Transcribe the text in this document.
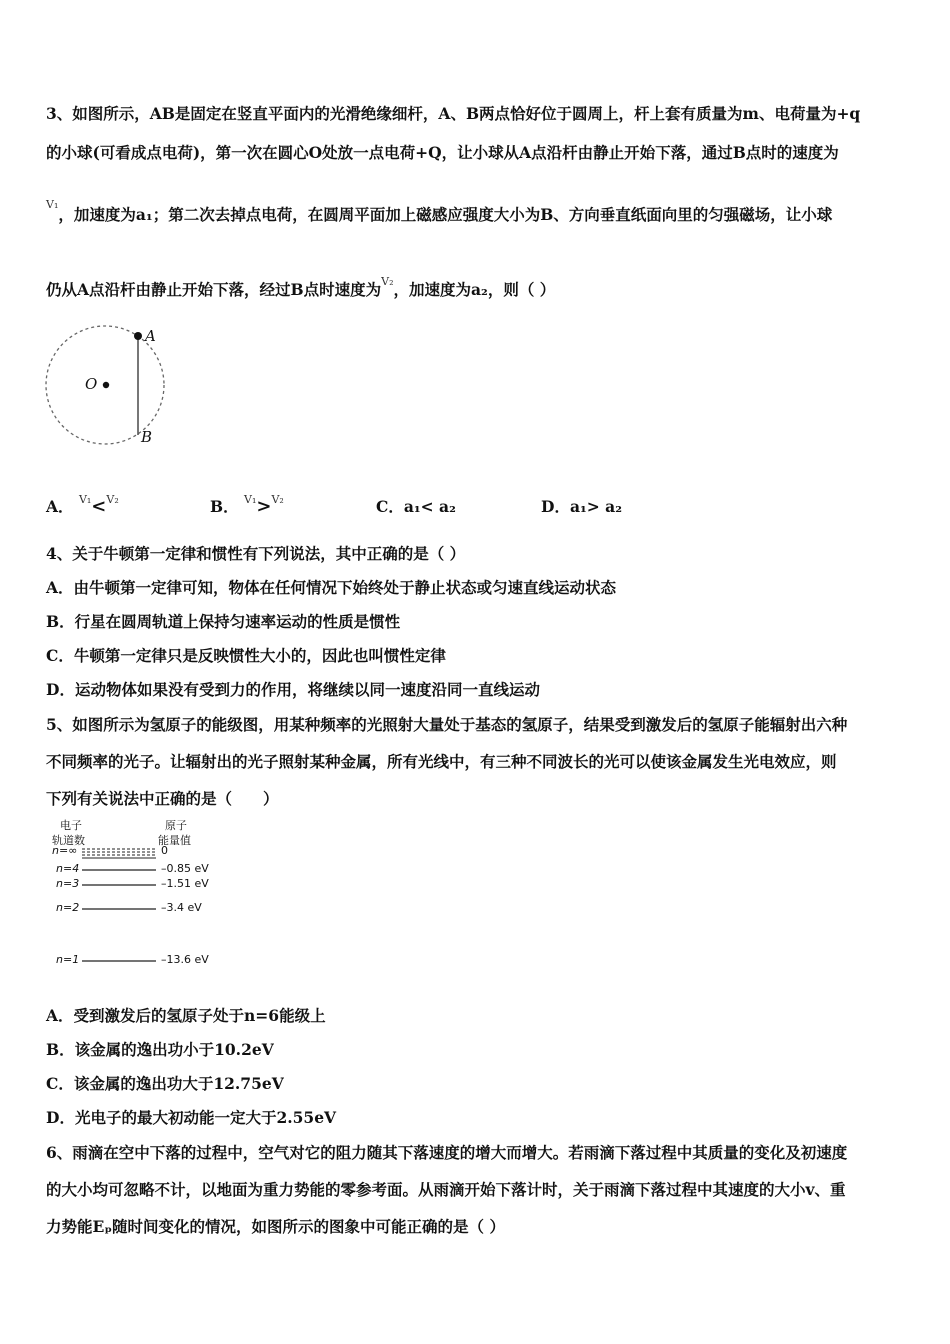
3、如图所示，AB是固定在竖直平面内的光滑绝缘细杆，A、B两点恰好位于圆周上，杆上套有质量为m、电荷量为+q
的小球(可看成点电荷)，第一次在圆心O处放一点电荷+Q，让小球从A点沿杆由静止开始下落，通过B点时的速度为
$^{V_1}$，加速度为a₁；第二次去掉点电荷，在圆周平面加上磁感应强度大小为B、方向垂直纸面向里的匀强磁场，让小球
仍从A点沿杆由静止开始下落，经过B点时速度为$^{V_2}$，加速度为a₂，则（ ）
O
A
B
A． $^{V_1}$<$^{V_2}$	B． $^{V_1}$>$^{V_2}$	C．a₁< a₂	D．a₁> a₂
4、关于牛顿第一定律和惯性有下列说法，其中正确的是（ ）
A．由牛顿第一定律可知，物体在任何情况下始终处于静止状态或匀速直线运动状态
B．行星在圆周轨道上保持匀速率运动的性质是惯性
C．牛顿第一定律只是反映惯性大小的，因此也叫惯性定律
D．运动物体如果没有受到力的作用，将继续以同一速度沿同一直线运动
5、如图所示为氢原子的能级图，用某种频率的光照射大量处于基态的氢原子，结果受到激发后的氢原子能辐射出六种
不同频率的光子。让辐射出的光子照射某种金属，所有光线中，有三种不同波长的光可以使该金属发生光电效应，则
下列有关说法中正确的是（　　）
电子
轨道数
原子
能量值
n=∞	0
n=4	–0.85 eV
n=3	–1.51 eV
n=2	–3.4 eV
n=1	–13.6 eV
A．受到激发后的氢原子处于n=6能级上
B．该金属的逸出功小于10.2eV
C．该金属的逸出功大于12.75eV
D．光电子的最大初动能一定大于2.55eV
6、雨滴在空中下落的过程中，空气对它的阻力随其下落速度的增大而增大。若雨滴下落过程中其质量的变化及初速度
的大小均可忽略不计，以地面为重力势能的零参考面。从雨滴开始下落计时，关于雨滴下落过程中其速度的大小v、重
力势能Eₚ随时间变化的情况，如图所示的图象中可能正确的是（ ）
